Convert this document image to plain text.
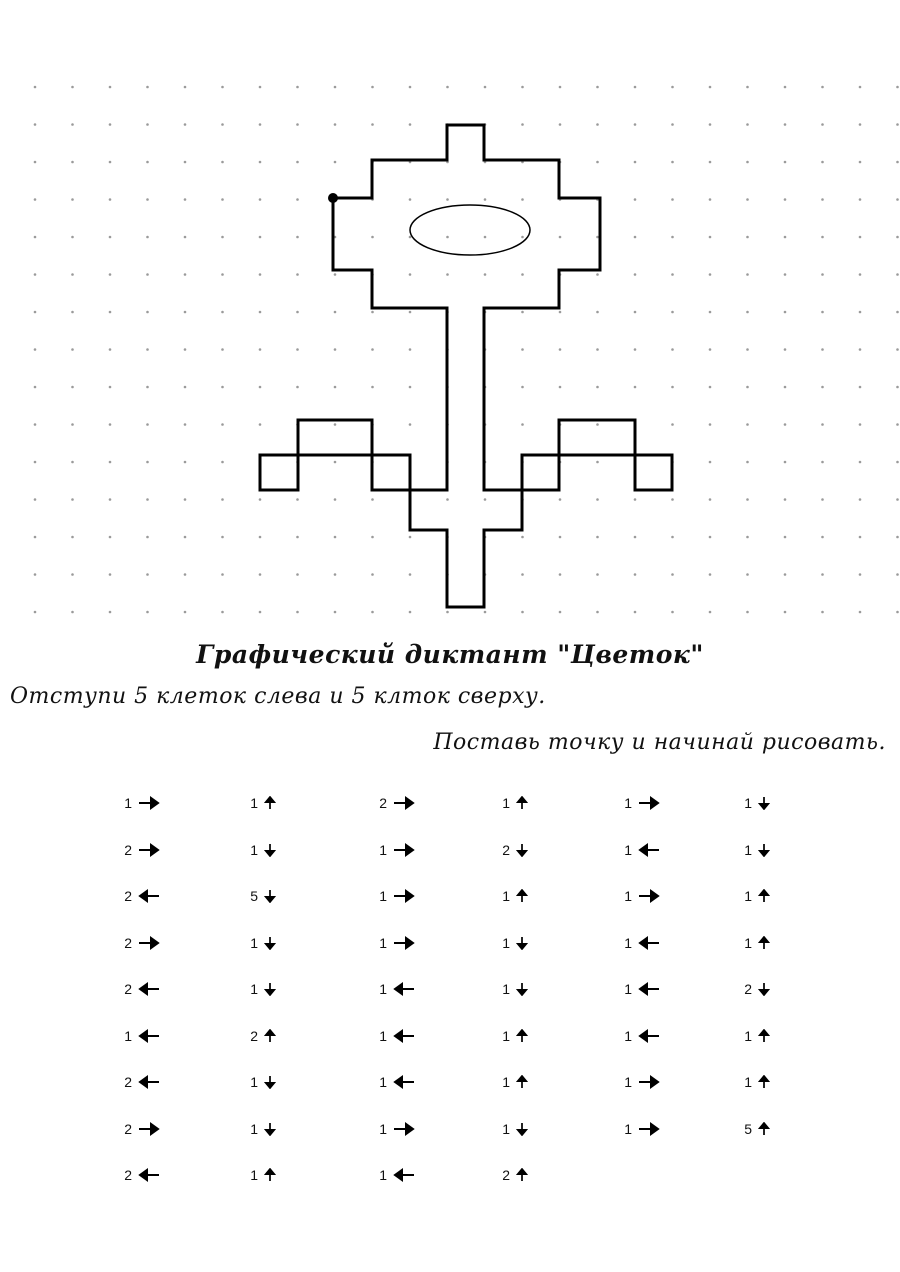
Графический диктант "Цветок"
Отступи 5 клеток слева и 5 клток сверху.
Поставь точку и начинай рисовать.
1
2
2
2
2
1
2
2
2
1
1
5
1
1
2
1
1
1
2
1
1
1
1
1
1
1
1
1
2
1
1
1
1
1
1
2
1
1
1
1
1
1
1
1
1
1
1
1
2
1
1
5
